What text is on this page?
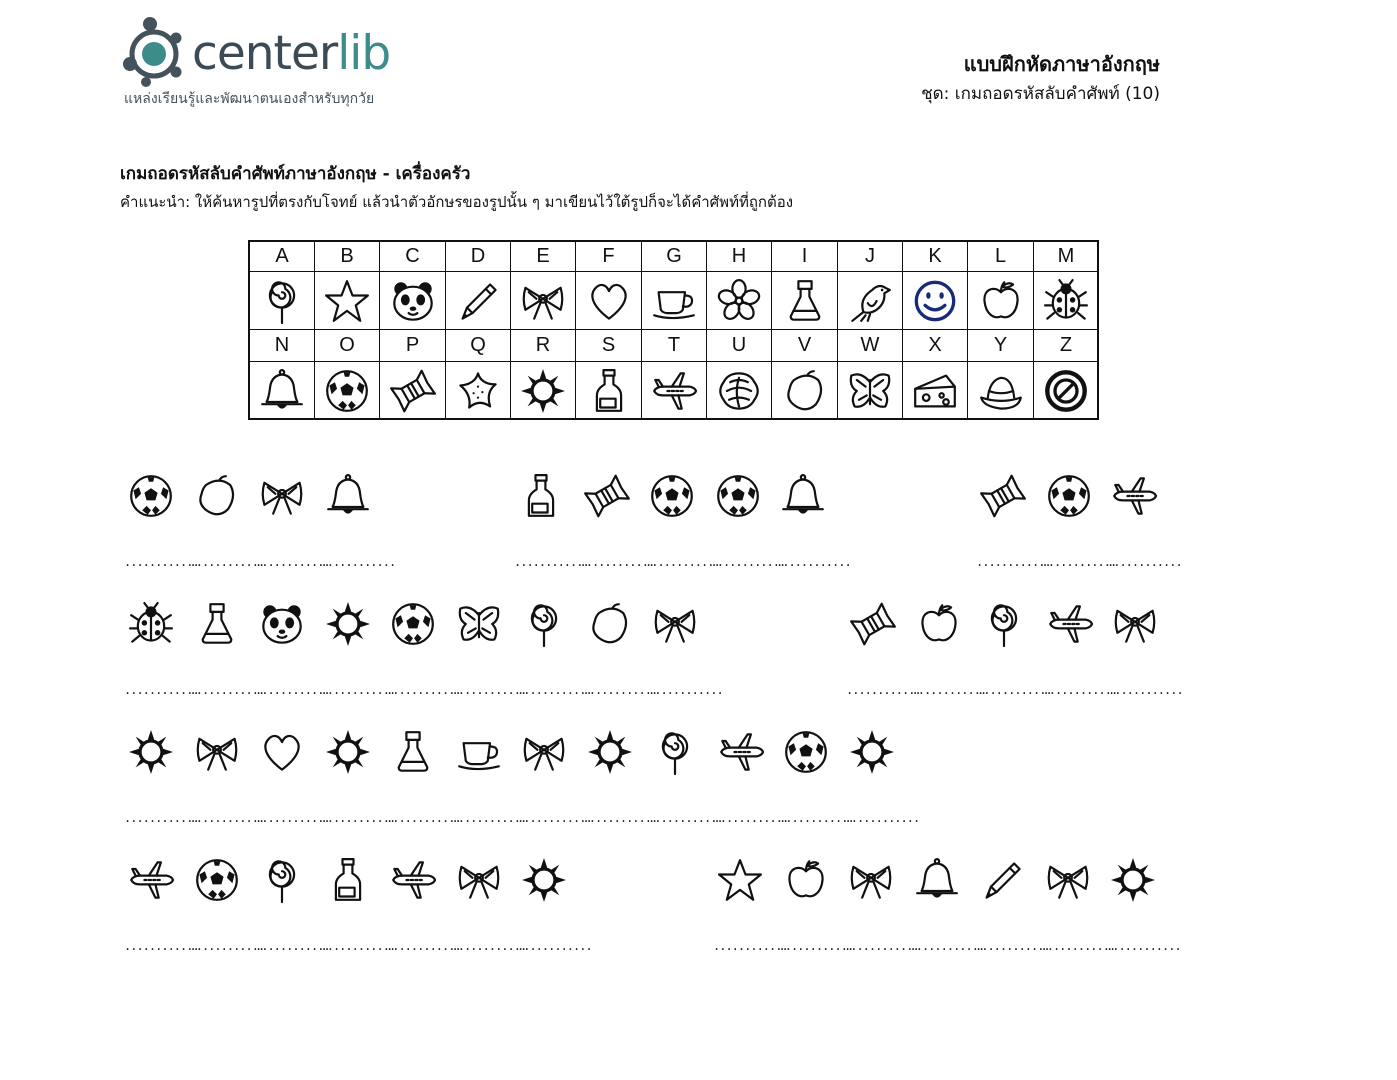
centerlib
แหล่งเรียนรู้และพัฒนาตนเองสำหรับทุกวัย
แบบฝึกหัดภาษาอังกฤษ
ชุด: เกมถอดรหัสลับคำศัพท์ (10)
เกมถอดรหัสลับคำศัพท์ภาษาอังกฤษ - เครื่องครัว
คำแนะนำ: ให้ค้นหารูปที่ตรงกับโจทย์ แล้วนำตัวอักษรของรูปนั้น ๆ มาเขียนไว้ใต้รูปก็จะได้คำศัพท์ที่ถูกต้อง
A	B	C	D	E	F	G H	I	J	K	L	M
N	O	P	Q R	S	T	U	V W X	Y	Z
............
............
............
............	............
............
............
............
............	............
............
............
............
............
............
............
............
............
............
............
............	............
............
............
............
............
............
............
............
............
............
............
............
............
............
............
............
............
............
............
............
............
............
............
............	............
............
............
............
............
............
............
